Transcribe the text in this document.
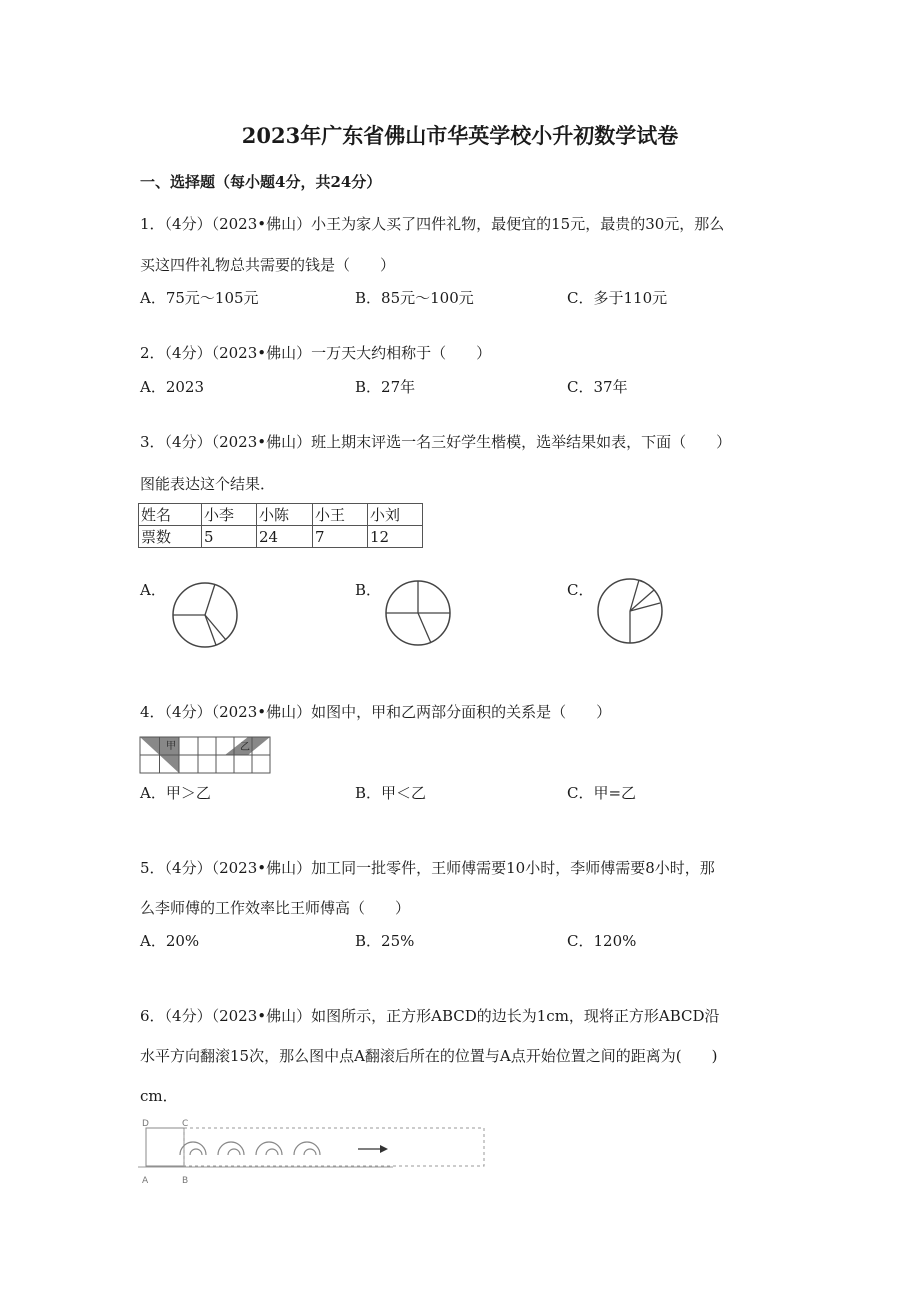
2023年广东省佛山市华英学校小升初数学试卷
一、选择题（每小题4分，共24分）
1．（4分）（2023•佛山）小王为家人买了四件礼物，最便宜的15元，最贵的30元，那么
买这四件礼物总共需要的钱是（　　）
A．75元～105元	B．85元～100元	C．多于110元
2．（4分）（2023•佛山）一万天大约相称于（　　）
A．2023	B．27年	C．37年
3．（4分）（2023•佛山）班上期末评选一名三好学生楷模，选举结果如表，下面（　　）
图能表达这个结果．
姓名	小李	小陈	小王	小刘
票数	5	24	7	12
A．	B．	C．
4．（4分）（2023•佛山）如图中，甲和乙两部分面积的关系是（　　）
甲	乙
A．甲＞乙	B．甲＜乙	C．甲=乙
5．（4分）（2023•佛山）加工同一批零件，王师傅需要10小时，李师傅需要8小时，那
么李师傅的工作效率比王师傅高（　　）
A．20%	B．25%	C．120%
6．（4分）（2023•佛山）如图所示，正方形ABCD的边长为1cm，现将正方形ABCD沿
水平方向翻滚15次，那么图中点A翻滚后所在的位置与A点开始位置之间的距离为(　　)
cm．
D	C
A	B
